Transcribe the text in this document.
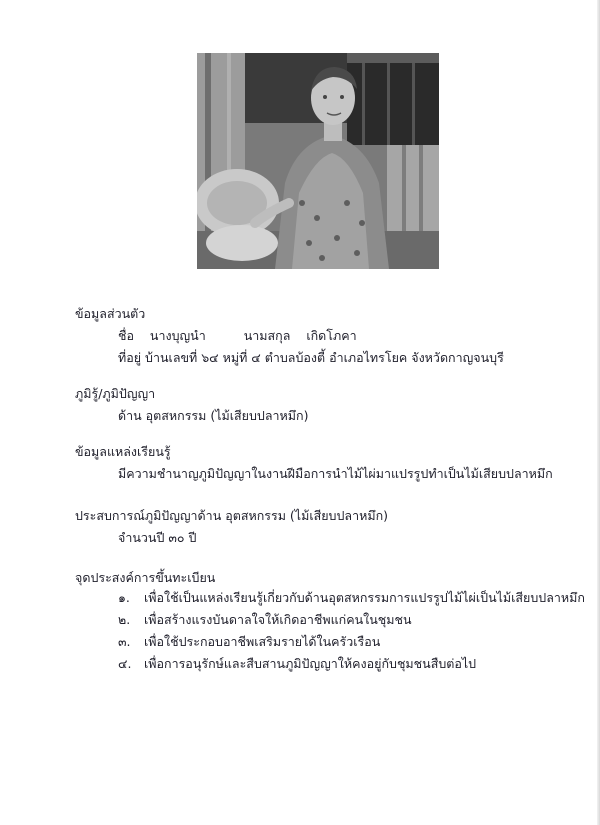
ข้อมูลส่วนตัว
ชื่อ นางบุญนำ	นามสกุล เกิดโภคา
ที่อยู่ บ้านเลขที่ ๖๔ หมู่ที่ ๔ ตำบลบ้องตี้ อำเภอไทรโยค จังหวัดกาญจนบุรี
ภูมิรู้/ภูมิปัญญา
ด้าน อุตสหกรรม (ไม้เสียบปลาหมึก)
ข้อมูลแหล่งเรียนรู้
มีความชำนาญภูมิปัญญาในงานฝีมือการนำไม้ไผ่มาแปรรูปทำเป็นไม้เสียบปลาหมึก
ประสบการณ์ภูมิปัญญาด้าน อุตสหกรรม (ไม้เสียบปลาหมึก)
จำนวนปี ๓๐ ปี
จุดประสงค์การขึ้นทะเบียน
๑. เพื่อใช้เป็นแหล่งเรียนรู้เกี่ยวกับด้านอุตสหกรรมการแปรรูปไม้ไผ่เป็นไม้เสียบปลาหมึก
๒. เพื่อสร้างแรงบันดาลใจให้เกิดอาชีพแก่คนในชุมชน
๓. เพื่อใช้ประกอบอาชีพเสริมรายได้ในครัวเรือน
๔. เพื่อการอนุรักษ์และสืบสานภูมิปัญญาให้คงอยู่กับชุมชนสืบต่อไป
